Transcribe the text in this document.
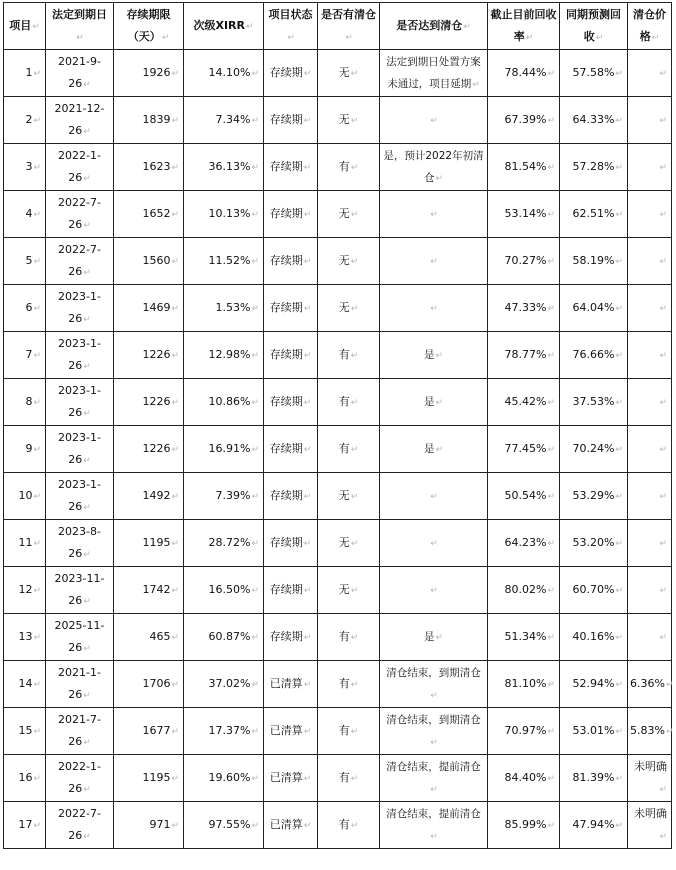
项目↵	法定到期日↵	存续期限（天）↵	次级XIRR↵	项目状态↵	是否有清仓↵	是否达到清仓↵	截止目前回收率↵	同期预测回收↵	清仓价格↵
1↵	2021-9-26↵	1926↵	14.10%↵	存续期↵	无↵	法定到期日处置方案未通过，项目延期↵	78.44%↵	57.58%↵	↵
2↵	2021-12-26↵	1839↵	7.34%↵	存续期↵	无↵	↵	67.39%↵	64.33%↵	↵
3↵	2022-1-26↵	1623↵	36.13%↵	存续期↵	有↵	是，预计2022年初清仓↵	81.54%↵	57.28%↵	↵
4↵	2022-7-26↵	1652↵	10.13%↵	存续期↵	无↵	↵	53.14%↵	62.51%↵	↵
5↵	2022-7-26↵	1560↵	11.52%↵	存续期↵	无↵	↵	70.27%↵	58.19%↵	↵
6↵	2023-1-26↵	1469↵	1.53%↵	存续期↵	无↵	↵	47.33%↵	64.04%↵	↵
7↵	2023-1-26↵	1226↵	12.98%↵	存续期↵	有↵	是↵	78.77%↵	76.66%↵	↵
8↵	2023-1-26↵	1226↵	10.86%↵	存续期↵	有↵	是↵	45.42%↵	37.53%↵	↵
9↵	2023-1-26↵	1226↵	16.91%↵	存续期↵	有↵	是↵	77.45%↵	70.24%↵	↵
10↵	2023-1-26↵	1492↵	7.39%↵	存续期↵	无↵	↵	50.54%↵	53.29%↵	↵
11↵	2023-8-26↵	1195↵	28.72%↵	存续期↵	无↵	↵	64.23%↵	53.20%↵	↵
12↵	2023-11-26↵	1742↵	16.50%↵	存续期↵	无↵	↵	80.02%↵	60.70%↵	↵
13↵	2025-11-26↵	465↵	60.87%↵	存续期↵	有↵	是↵	51.34%↵	40.16%↵	↵
14↵	2021-1-26↵	1706↵	37.02%↵	已清算↵	有↵	清仓结束，到期清仓↵	81.10%↵	52.94%↵	6.36%↵
15↵	2021-7-26↵	1677↵	17.37%↵	已清算↵	有↵	清仓结束，到期清仓↵	70.97%↵	53.01%↵	5.83%↵
16↵	2022-1-26↵	1195↵	19.60%↵	已清算↵	有↵	清仓结束，提前清仓↵	84.40%↵	81.39%↵	未明确↵
17↵	2022-7-26↵	971↵	97.55%↵	已清算↵	有↵	清仓结束，提前清仓↵	85.99%↵	47.94%↵	未明确↵
